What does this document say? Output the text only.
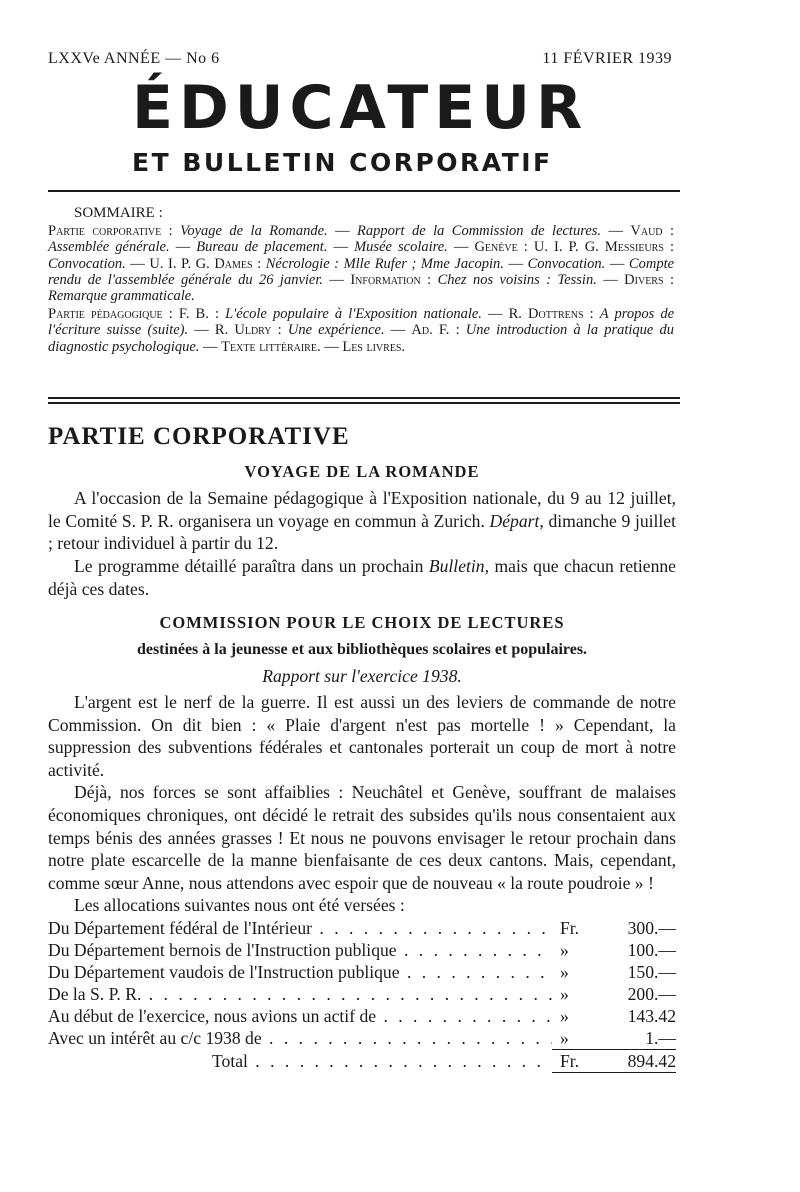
LXXVe ANNÉE — No 6	11 FÉVRIER 1939
ÉDUCATEUR
ET BULLETIN CORPORATIF
SOMMAIRE :

Partie corporative : Voyage de la Romande. — Rapport de la Commission de lectures. — Vaud : Assemblée générale. — Bureau de placement. — Musée scolaire. — Genève : U. I. P. G. Messieurs : Convocation. — U. I. P. G. Dames : Nécrologie : Mlle Rufer ; Mme Jacopin. — Convocation. — Compte rendu de l'assemblée générale du 26 janvier. — Information : Chez nos voisins : Tessin. — Divers : Remarque grammaticale.

Partie pédagogique : F. B. : L'école populaire à l'Exposition nationale. — R. Dottrens : A propos de l'écriture suisse (suite). — R. Uldry : Une expérience. — Ad. F. : Une introduction à la pratique du diagnostic psychologique. — Texte littéraire. — Les livres.

PARTIE CORPORATIVE
VOYAGE DE LA ROMANDE

A l'occasion de la Semaine pédagogique à l'Exposition nationale, du 9 au 12 juillet, le Comité S. P. R. organisera un voyage en commun à Zurich. Départ, dimanche 9 juillet ; retour individuel à partir du 12.

Le programme détaillé paraîtra dans un prochain Bulletin, mais que chacun retienne déjà ces dates.

COMMISSION POUR LE CHOIX DE LECTURES
destinées à la jeunesse et aux bibliothèques scolaires et populaires.
Rapport sur l'exercice 1938.

L'argent est le nerf de la guerre. Il est aussi un des leviers de commande de notre Commission. On dit bien : « Plaie d'argent n'est pas mortelle ! » Cependant, la suppression des subventions fédérales et cantonales porterait un coup de mort à notre activité.

Déjà, nos forces se sont affaiblies : Neuchâtel et Genève, souffrant de malaises économiques chroniques, ont décidé le retrait des subsides qu'ils nous consentaient aux temps bénis des années grasses ! Et nous ne pouvons envisager le retour prochain dans notre plate escarcelle de la manne bienfaisante de ces deux cantons. Mais, cependant, comme sœur Anne, nous attendons avec espoir que de nouveau « la route poudroie » !

Les allocations suivantes nous ont été versées :

Du Département fédéral de l'Intérieur . . .	Fr.	300.—
Du Département bernois de l'Instruction publique . . .	»	100.—
Du Département vaudois de l'Instruction publique . . .	»	150.—
De la S. P. R. . . .	»	200.—
Au début de l'exercice, nous avions un actif de . . .	»	143.42
Avec un intérêt au c/c 1938 de . . .	»	1.—
Total . . .	Fr.	894.42
